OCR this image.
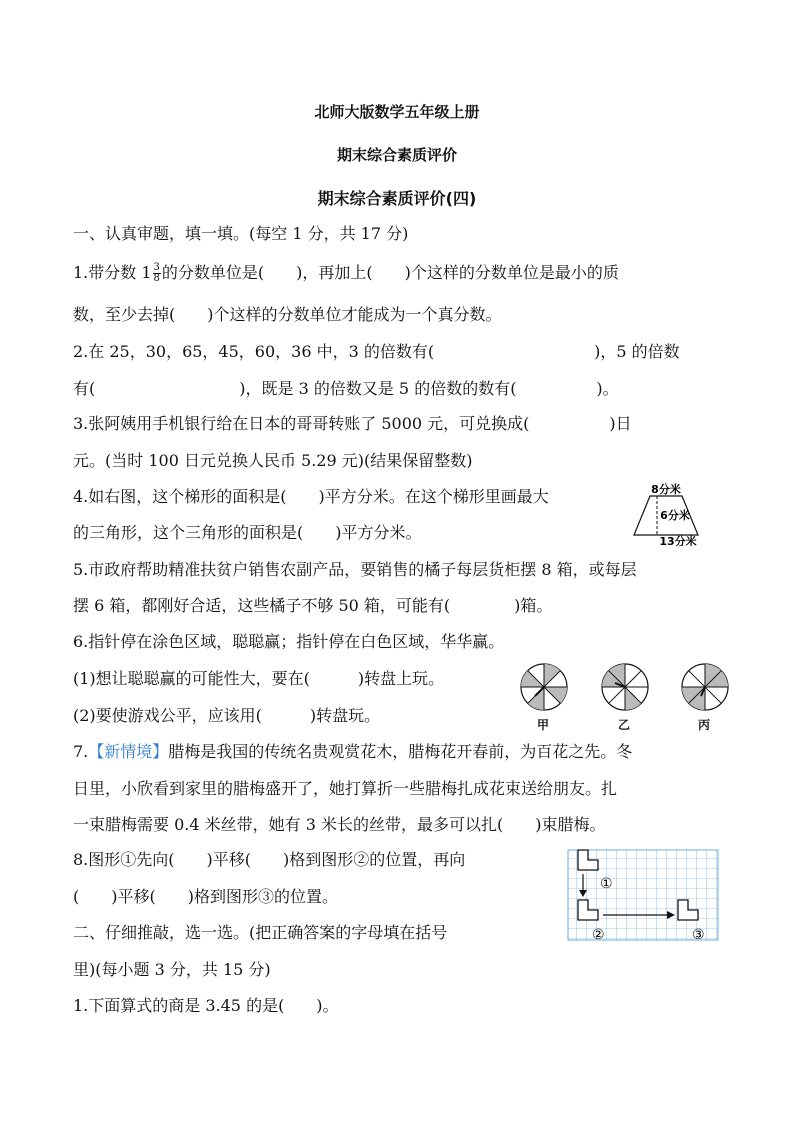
北师大版数学五年级上册
期末综合素质评价
期末综合素质评价(四)
一、认真审题，填一填。(每空 1 分，共 17 分)
1.带分数 $1 \frac{3}{8}$ 的分数单位是(　　)，再加上(　　)个这样的分数单位是最小的质
数，至少去掉(　　)个这样的分数单位才能成为一个真分数。
2.在 25，30，65，45，60，36 中，3 的倍数有(　　　　　　　　　　)，5 的倍数
有(　　　　　　　　　)，既是 3 的倍数又是 5 的倍数的数有(　　　　　)。
3.张阿姨用手机银行给在日本的哥哥转账了 5000 元，可兑换成(　　　　　)日
元。(当时 100 日元兑换人民币 5.29 元)(结果保留整数)
4.如右图，这个梯形的面积是(　　)平方分米。在这个梯形里画最大
的三角形，这个三角形的面积是(　　)平方分米。
8分米
6分米
13分米
5.市政府帮助精准扶贫户销售农副产品，要销售的橘子每层货柜摆 8 箱，或每层
摆 6 箱，都刚好合适，这些橘子不够 50 箱，可能有(　　　　)箱。
6.指针停在涂色区域，聪聪赢；指针停在白色区域，华华赢。
(1)想让聪聪赢的可能性大，要在(　　　)转盘上玩。
(2)要使游戏公平，应该用(　　　)转盘玩。	甲	乙	丙
7.【新情境】腊梅是我国的传统名贵观赏花木，腊梅花开春前，为百花之先。冬
日里，小欣看到家里的腊梅盛开了，她打算折一些腊梅扎成花束送给朋友。扎
一束腊梅需要 0.4 米丝带，她有 3 米长的丝带，最多可以扎(　　)束腊梅。
8.图形①先向(　　)平移(　　)格到图形②的位置，再向
(　　)平移(　　)格到图形③的位置。
①
②	③
二、仔细推敲，选一选。(把正确答案的字母填在括号
里)(每小题 3 分，共 15 分)
1.下面算式的商是 3.45 的是(　　)。
